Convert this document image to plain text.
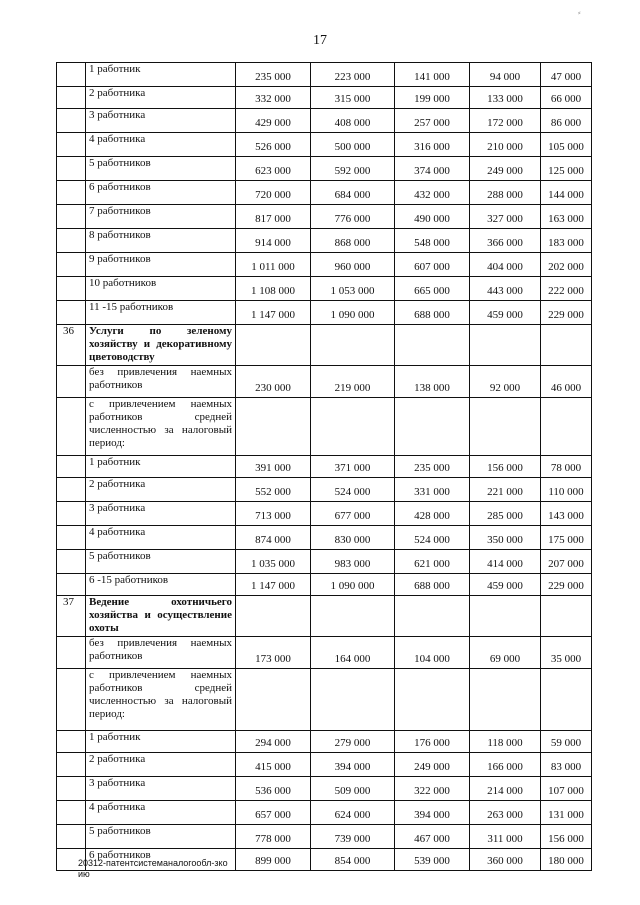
⸗
17
	1 работник	235 000	223 000	141 000	94 000	47 000
	2 работника	332 000	315 000	199 000	133 000	66 000
	3 работника	429 000	408 000	257 000	172 000	86 000
	4 работника	526 000	500 000	316 000	210 000	105 000
	5 работников	623 000	592 000	374 000	249 000	125 000
	6 работников	720 000	684 000	432 000	288 000	144 000
	7 работников	817 000	776 000	490 000	327 000	163 000
	8 работников	914 000	868 000	548 000	366 000	183 000
	9 работников	1 011 000	960 000	607 000	404 000	202 000
	10 работников	1 108 000	1 053 000	665 000	443 000	222 000
	11 -15 работников	1 147 000	1 090 000	688 000	459 000	229 000
36	Услуги по зеленому хозяйству и декоративному цветоводству					
	без привлечения наемных работников	230 000	219 000	138 000	92 000	46 000
	с привлечением наемных работников средней численностью за налоговый период:					
	1 работник	391 000	371 000	235 000	156 000	78 000
	2 работника	552 000	524 000	331 000	221 000	110 000
	3 работника	713 000	677 000	428 000	285 000	143 000
	4 работника	874 000	830 000	524 000	350 000	175 000
	5 работников	1 035 000	983 000	621 000	414 000	207 000
	6 -15 работников	1 147 000	1 090 000	688 000	459 000	229 000
37	Ведение охотничьего хозяйства и осуществление охоты					
	без привлечения наемных работников	173 000	164 000	104 000	69 000	35 000
	с привлечением наемных работников средней численностью за налоговый период:					
	1 работник	294 000	279 000	176 000	118 000	59 000
	2 работника	415 000	394 000	249 000	166 000	83 000
	3 работника	536 000	509 000	322 000	214 000	107 000
	4 работника	657 000	624 000	394 000	263 000	131 000
	5 работников	778 000	739 000	467 000	311 000	156 000
	6 работников	899 000	854 000	539 000	360 000	180 000
20312-патентсистеманалогообл-зко
ию
